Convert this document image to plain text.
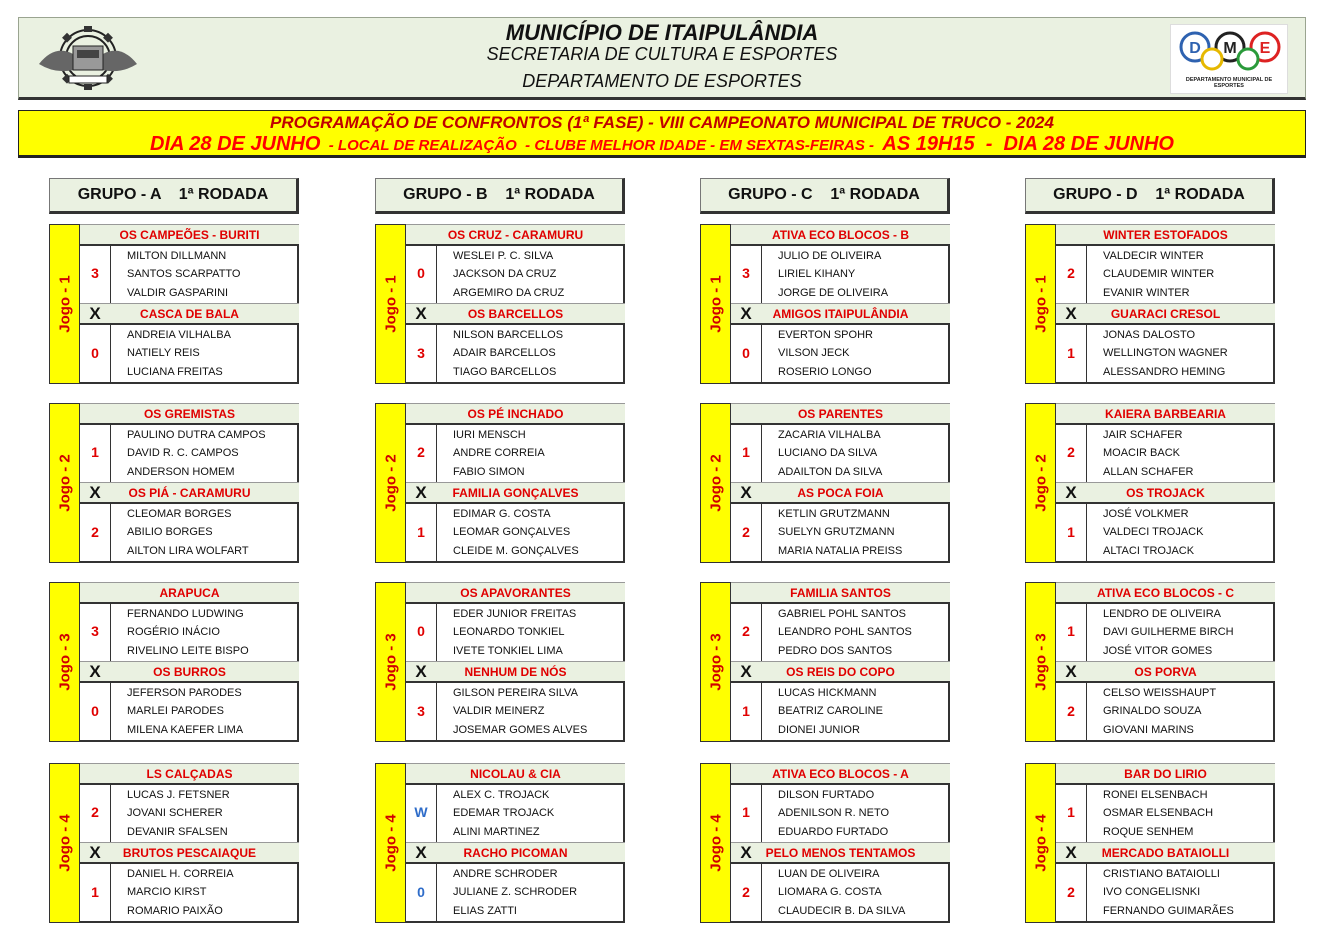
MUNICÍPIO DE ITAIPULÂNDIA
SECRETARIA DE CULTURA E ESPORTES
DEPARTAMENTO DE ESPORTES
D M E
DEPARTAMENTO MUNICIPAL DE ESPORTES
PROGRAMAÇÃO DE CONFRONTOS (1ª FASE) - VIII CAMPEONATO MUNICIPAL DE TRUCO - 2024
DIA 28 DE JUNHO  - LOCAL DE REALIZAÇÃO  - CLUBE MELHOR IDADE - EM SEXTAS-FEIRAS -  AS 19H15  -  DIA 28 DE JUNHO
GRUPO - A    1ª RODADA
Jogo - 1
OS CAMPEÕES - BURITI
MILTON DILLMANN
SANTOS SCARPATTO
VALDIR GASPARINI
CASCA DE BALA
ANDREIA VILHALBA
NATIELY REIS
LUCIANA FREITAS
3
X
0
Jogo - 2
OS GREMISTAS
PAULINO DUTRA CAMPOS
DAVID R. C. CAMPOS
ANDERSON HOMEM
OS PIÁ - CARAMURU
CLEOMAR BORGES
ABILIO BORGES
AILTON LIRA WOLFART
1
X
2
Jogo - 3
ARAPUCA
FERNANDO LUDWING
ROGÉRIO INÁCIO
RIVELINO LEITE BISPO
OS BURROS
JEFERSON PARODES
MARLEI PARODES
MILENA KAEFER LIMA
3
X
0
Jogo - 4
LS CALÇADAS
LUCAS J. FETSNER
JOVANI SCHERER
DEVANIR SFALSEN
BRUTOS PESCAIAQUE
DANIEL H. CORREIA
MARCIO KIRST
ROMARIO PAIXÃO
2
X
1
GRUPO - B    1ª RODADA
Jogo - 1
OS CRUZ - CARAMURU
WESLEI P. C. SILVA
JACKSON DA CRUZ
ARGEMIRO DA CRUZ
OS BARCELLOS
NILSON BARCELLOS
ADAIR BARCELLOS
TIAGO BARCELLOS
0
X
3
Jogo - 2
OS PÉ INCHADO
IURI MENSCH
ANDRE CORREIA
FABIO SIMON
FAMILIA GONÇALVES
EDIMAR G. COSTA
LEOMAR GONÇALVES
CLEIDE M. GONÇALVES
2
X
1
Jogo - 3
OS APAVORANTES
EDER JUNIOR FREITAS
LEONARDO TONKIEL
IVETE TONKIEL LIMA
NENHUM DE NÓS
GILSON PEREIRA SILVA
VALDIR MEINERZ
JOSEMAR GOMES ALVES
0
X
3
Jogo - 4
NICOLAU & CIA
ALEX C. TROJACK
EDEMAR TROJACK
ALINI MARTINEZ
RACHO PICOMAN
ANDRE SCHRODER
JULIANE Z. SCHRODER
ELIAS ZATTI
W
X
0
GRUPO - C    1ª RODADA
Jogo - 1
ATIVA ECO BLOCOS - B
JULIO DE OLIVEIRA
LIRIEL KIHANY
JORGE DE OLIVEIRA
AMIGOS ITAIPULÂNDIA
EVERTON SPOHR
VILSON JECK
ROSERIO LONGO
3
X
0
Jogo - 2
OS PARENTES
ZACARIA VILHALBA
LUCIANO DA SILVA
ADAILTON DA SILVA
AS POCA FOIA
KETLIN GRUTZMANN
SUELYN GRUTZMANN
MARIA NATALIA PREISS
1
X
2
Jogo - 3
FAMILIA SANTOS
GABRIEL POHL SANTOS
LEANDRO POHL SANTOS
PEDRO DOS SANTOS
OS REIS DO COPO
LUCAS HICKMANN
BEATRIZ CAROLINE
DIONEI JUNIOR
2
X
1
Jogo - 4
ATIVA ECO BLOCOS - A
DILSON FURTADO
ADENILSON R. NETO
EDUARDO FURTADO
PELO MENOS TENTAMOS
LUAN DE OLIVEIRA
LIOMARA G. COSTA
CLAUDECIR B. DA SILVA
1
X
2
GRUPO - D    1ª RODADA
Jogo - 1
WINTER ESTOFADOS
VALDECIR WINTER
CLAUDEMIR WINTER
EVANIR WINTER
GUARACI CRESOL
JONAS DALOSTO
WELLINGTON WAGNER
ALESSANDRO HEMING
2
X
1
Jogo - 2
KAIERA BARBEARIA
JAIR SCHAFER
MOACIR BACK
ALLAN SCHAFER
OS TROJACK
JOSÉ VOLKMER
VALDECI TROJACK
ALTACI TROJACK
2
X
1
Jogo - 3
ATIVA ECO BLOCOS - C
LENDRO DE OLIVEIRA
DAVI GUILHERME BIRCH
JOSÉ VITOR GOMES
OS PORVA
CELSO WEISSHAUPT
GRINALDO SOUZA
GIOVANI MARINS
1
X
2
Jogo - 4
BAR DO LIRIO
RONEI ELSENBACH
OSMAR ELSENBACH
ROQUE SENHEM
MERCADO BATAIOLLI
CRISTIANO BATAIOLLI
IVO CONGELISNKI
FERNANDO GUIMARÃES
1
X
2
